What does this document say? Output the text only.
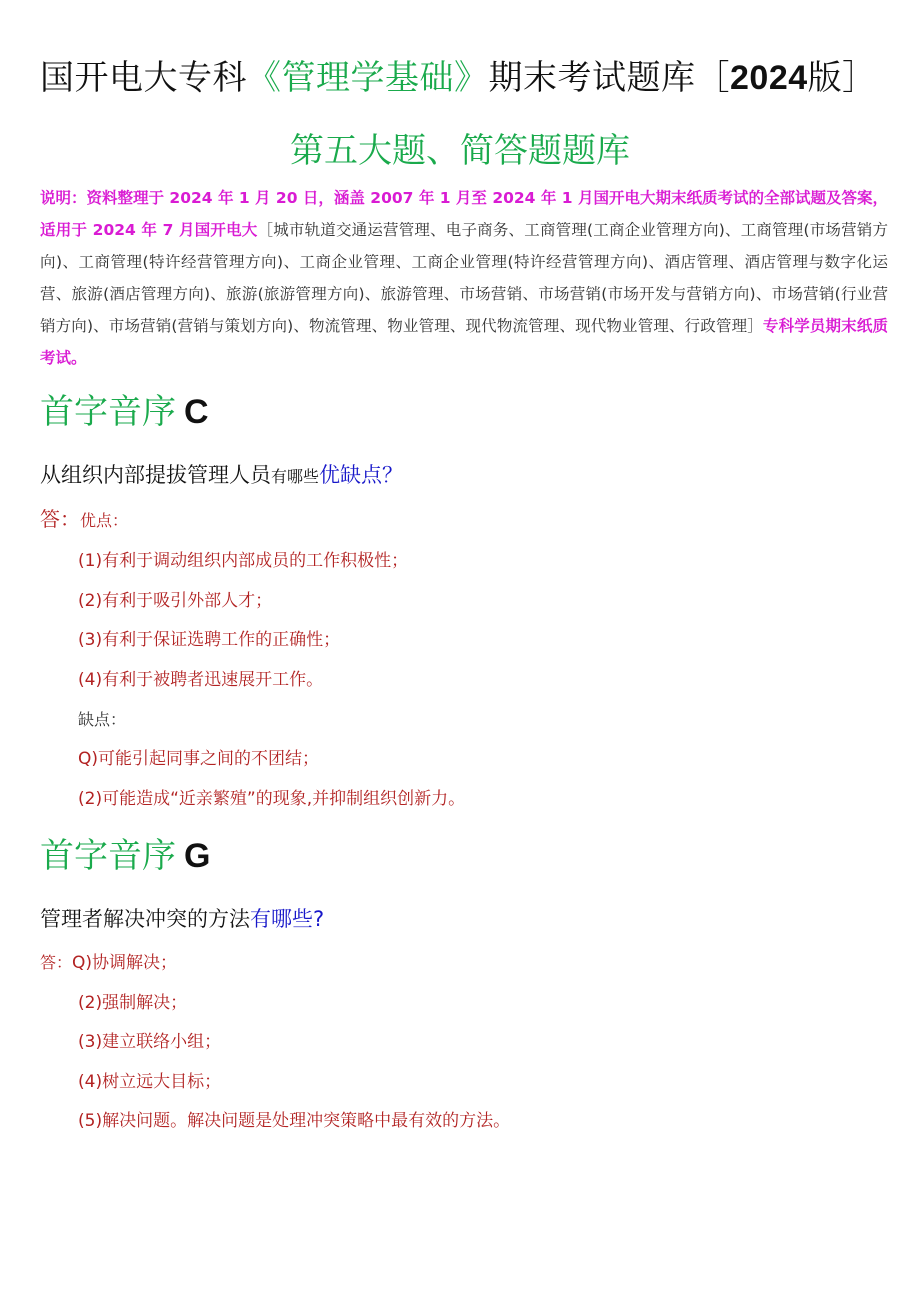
国开电大专科《管理学基础》期末考试题库［2024版］
第五大题、简答题题库
说明：资料整理于 2024 年 1 月 20 日，涵盖 2007 年 1 月至 2024 年 1 月国开电大期末纸质考试的全部试题及答案，适用于 2024 年 7 月国开电大［城市轨道交通运营管理、电子商务、工商管理(工商企业管理方向)、工商管理(市场营销方向)、工商管理(特许经营管理方向)、工商企业管理、工商企业管理(特许经营管理方向)、酒店管理、酒店管理与数字化运营、旅游(酒店管理方向)、旅游(旅游管理方向)、旅游管理、市场营销、市场营销(市场开发与营销方向)、市场营销(行业营销方向)、市场营销(营销与策划方向)、物流管理、物业管理、现代物流管理、现代物业管理、行政管理］专科学员期末纸质考试。
首字音序 C
从组织内部提拔管理人员有哪些优缺点？
答：优点：
(1)有利于调动组织内部成员的工作积极性；
(2)有利于吸引外部人才；
(3)有利于保证选聘工作的正确性；
(4)有利于被聘者迅速展开工作。
缺点：
Q)可能引起同事之间的不团结；
(2)可能造成“近亲繁殖”的现象,并抑制组织创新力。
首字音序 G
管理者解决冲突的方法有哪些?
答：Q)协调解决；
(2)强制解决；
(3)建立联络小组；
(4)树立远大目标；
(5)解决问题。解决问题是处理冲突策略中最有效的方法。
